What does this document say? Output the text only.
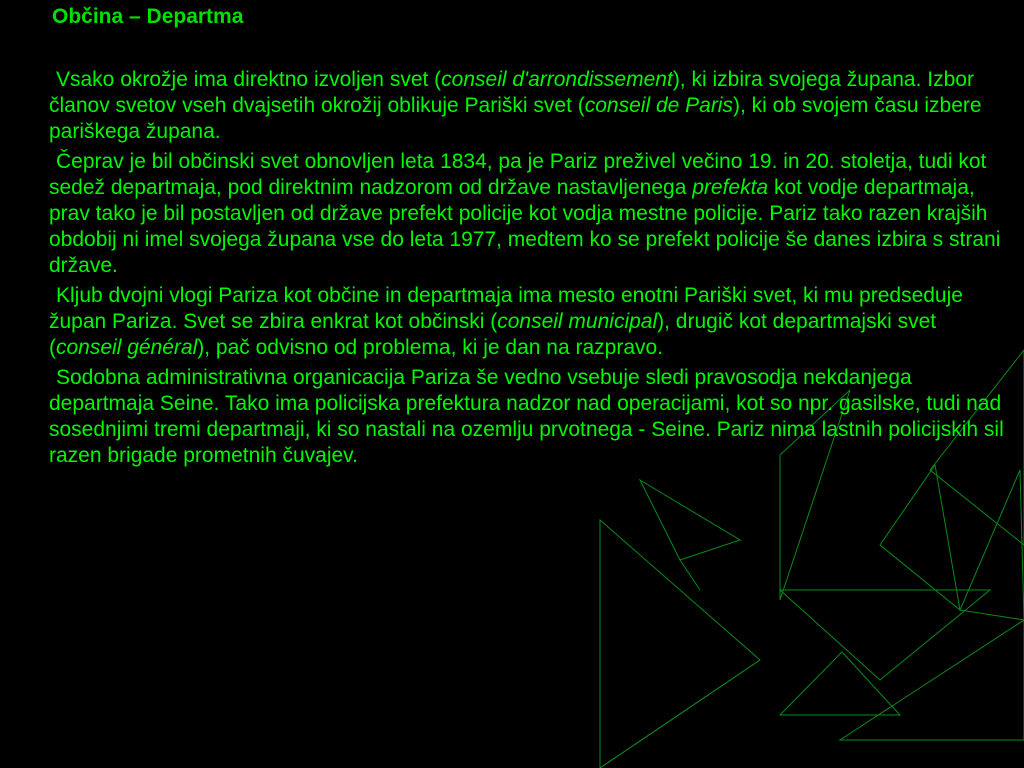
Občina – Departma

Vsako okrožje ima direktno izvoljen svet (conseil d'arrondissement), ki izbira svojega župana. Izbor članov svetov vseh dvajsetih okrožij oblikuje Pariški svet (conseil de Paris), ki ob svojem času izbere pariškega župana.

Čeprav je bil občinski svet obnovljen leta 1834, pa je Pariz preživel večino 19. in 20. stoletja, tudi kot sedež departmaja, pod direktnim nadzorom od države nastavljenega prefekta kot vodje departmaja, prav tako je bil postavljen od države prefekt policije kot vodja mestne policije. Pariz tako razen krajših obdobij ni imel svojega župana vse do leta 1977, medtem ko se prefekt policije še danes izbira s strani države.

Kljub dvojni vlogi Pariza kot občine in departmaja ima mesto enotni Pariški svet, ki mu predseduje župan Pariza. Svet se zbira enkrat kot občinski (conseil municipal), drugič kot departmajski svet (conseil général), pač odvisno od problema, ki je dan na razpravo.

Sodobna administrativna organicacija Pariza še vedno vsebuje sledi pravosodja nekdanjega departmaja Seine. Tako ima policijska prefektura nadzor nad operacijami, kot so npr. gasilske, tudi nad sosednjimi tremi departmaji, ki so nastali na ozemlju prvotnega - Seine. Pariz nima lastnih policijskih sil razen brigade prometnih čuvajev.
